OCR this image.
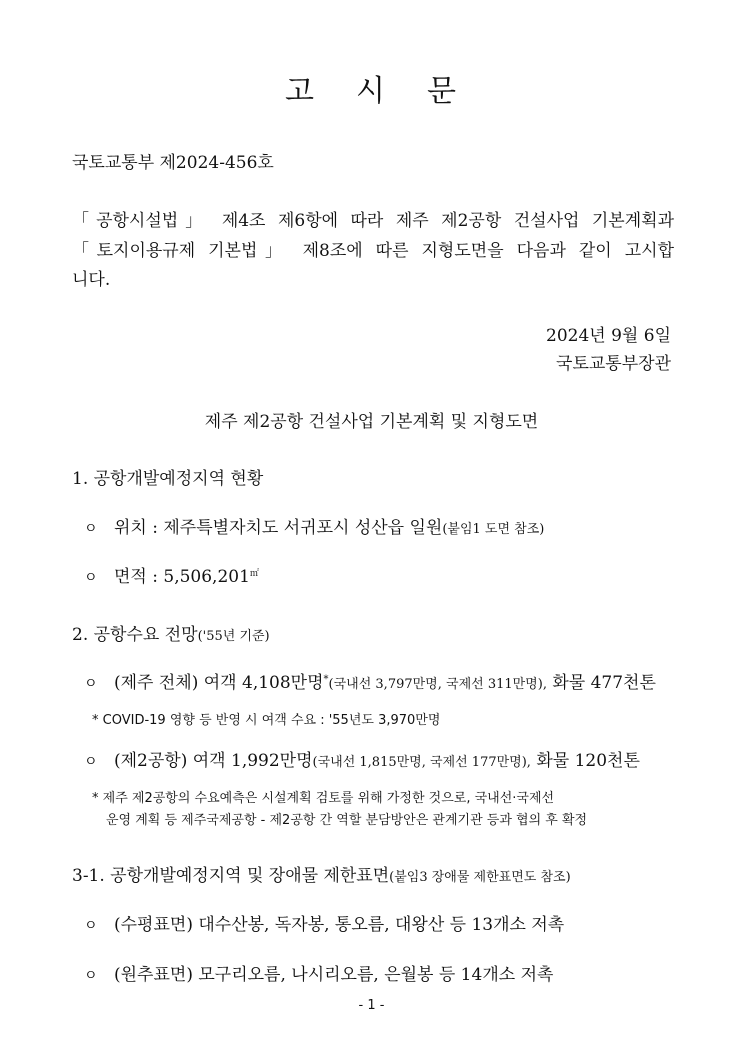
고 시 문
국토교통부 제2024-456호
「공항시설법」 제4조 제6항에 따라 제주 제2공항 건설사업 기본계획과
「토지이용규제 기본법」 제8조에 따른 지형도면을 다음과 같이 고시합
니다.
2024년 9월 6일
국토교통부장관
제주 제2공항 건설사업 기본계획 및 지형도면
1. 공항개발예정지역 현황
ㅇ 위치 : 제주특별자치도 서귀포시 성산읍 일원(붙임1 도면 참조)
ㅇ 면적 : 5,506,201㎡
2. 공항수요 전망('55년 기준)
ㅇ (제주 전체) 여객 4,108만명*(국내선 3,797만명, 국제선 311만명), 화물 477천톤
* COVID-19 영향 등 반영 시 여객 수요 : '55년도 3,970만명
ㅇ (제2공항) 여객 1,992만명(국내선 1,815만명, 국제선 177만명), 화물 120천톤
* 제주 제2공항의 수요예측은 시설계획 검토를 위해 가정한 것으로, 국내선·국제선
운영 계획 등 제주국제공항 - 제2공항 간 역할 분담방안은 관계기관 등과 협의 후 확정
3-1. 공항개발예정지역 및 장애물 제한표면(붙임3 장애물 제한표면도 참조)
ㅇ (수평표면) 대수산봉, 독자봉, 통오름, 대왕산 등 13개소 저촉
ㅇ (원추표면) 모구리오름, 나시리오름, 은월봉 등 14개소 저촉
- 1 -
